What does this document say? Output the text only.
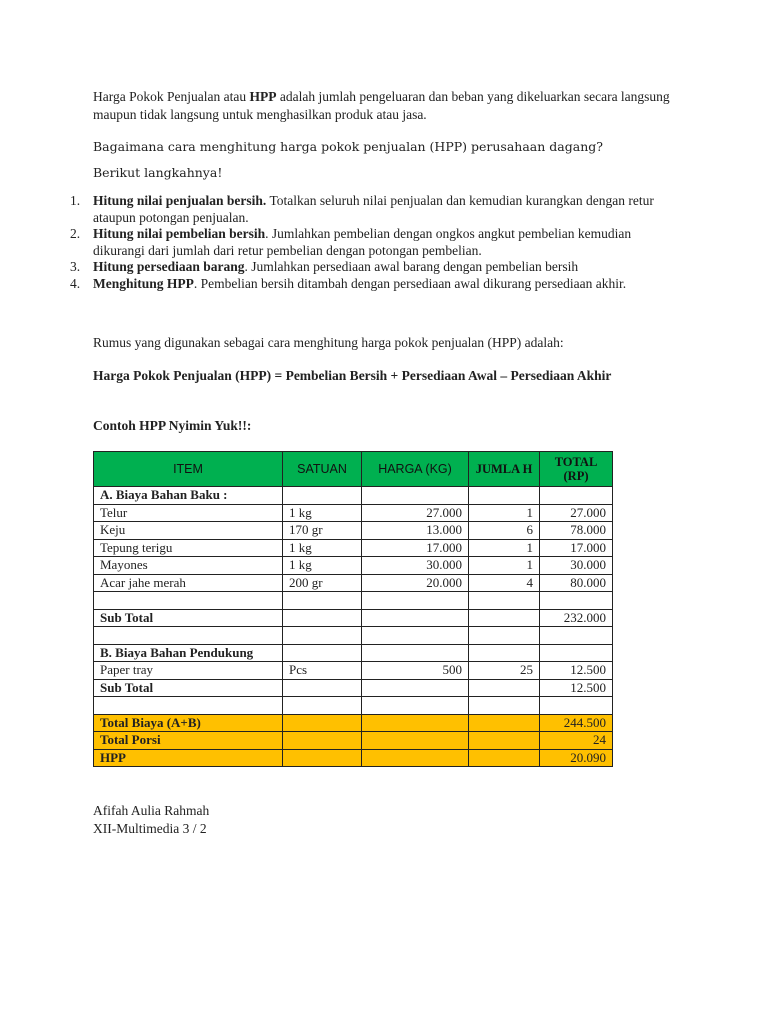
Harga Pokok Penjualan atau HPP adalah jumlah pengeluaran dan beban yang dikeluarkan secara langsung maupun tidak langsung untuk menghasilkan produk atau jasa.
Bagaimana cara menghitung harga pokok penjualan (HPP) perusahaan dagang? Berikut langkahnya!
1. Hitung nilai penjualan bersih. Totalkan seluruh nilai penjualan dan kemudian kurangkan dengan retur ataupun potongan penjualan.
2. Hitung nilai pembelian bersih. Jumlahkan pembelian dengan ongkos angkut pembelian kemudian dikurangi dari jumlah dari retur pembelian dengan potongan pembelian.
3. Hitung persediaan barang. Jumlahkan persediaan awal barang dengan pembelian bersih
4. Menghitung HPP. Pembelian bersih ditambah dengan persediaan awal dikurang persediaan akhir.
Rumus yang digunakan sebagai cara menghitung harga pokok penjualan (HPP) adalah:
Harga Pokok Penjualan (HPP) = Pembelian Bersih + Persediaan Awal – Persediaan Akhir
Contoh HPP Nyimin Yuk!!:
ITEM	SATUAN	HARGA (KG)	JUMLA H	TOTAL (RP)
A. Biaya Bahan Baku :				
Telur	1 kg	27.000	1	27.000
Keju	170 gr	13.000	6	78.000
Tepung terigu	1 kg	17.000	1	17.000
Mayones	1 kg	30.000	1	30.000
Acar jahe merah	200 gr	20.000	4	80.000

Sub Total				232.000

B. Biaya Bahan Pendukung				
Paper tray	Pcs	500	25	12.500
Sub Total				12.500

Total Biaya (A+B)				244.500
Total Porsi				24
HPP				20.090
Afifah Aulia Rahmah
XII-Multimedia 3 / 2
